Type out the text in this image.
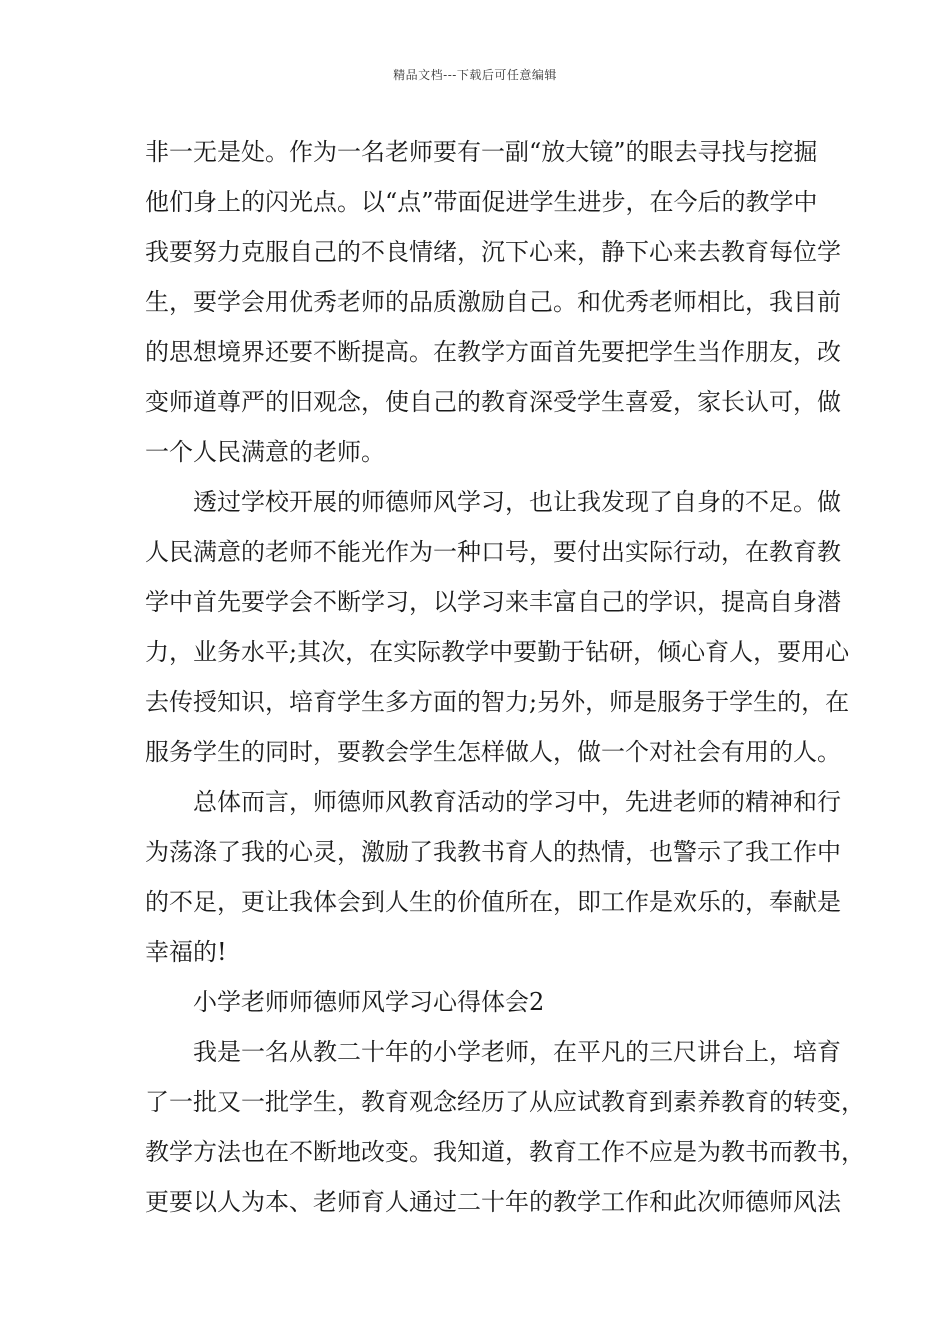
精品文档---下载后可任意编辑
非一无是处。作为一名老师要有一副“放大镜”的眼去寻找与挖掘
他们身上的闪光点。以“点”带面促进学生进步，在今后的教学中
我要努力克服自己的不良情绪，沉下心来，静下心来去教育每位学
生，要学会用优秀老师的品质激励自己。和优秀老师相比，我目前
的思想境界还要不断提高。在教学方面首先要把学生当作朋友，改
变师道尊严的旧观念，使自己的教育深受学生喜爱，家长认可，做
一个人民满意的老师。
透过学校开展的师德师风学习，也让我发现了自身的不足。做
人民满意的老师不能光作为一种口号，要付出实际行动，在教育教
学中首先要学会不断学习，以学习来丰富自己的学识，提高自身潜
力，业务水平;其次，在实际教学中要勤于钻研，倾心育人，要用心
去传授知识，培育学生多方面的智力;另外，师是服务于学生的，在
服务学生的同时，要教会学生怎样做人，做一个对社会有用的人。
总体而言，师德师风教育活动的学习中，先进老师的精神和行
为荡涤了我的心灵，激励了我教书育人的热情，也警示了我工作中
的不足，更让我体会到人生的价值所在，即工作是欢乐的，奉献是
幸福的!
小学老师师德师风学习心得体会2
我是一名从教二十年的小学老师，在平凡的三尺讲台上，培育
了一批又一批学生，教育观念经历了从应试教育到素养教育的转变，
教学方法也在不断地改变。我知道，教育工作不应是为教书而教书，
更要以人为本、老师育人通过二十年的教学工作和此次师德师风法
